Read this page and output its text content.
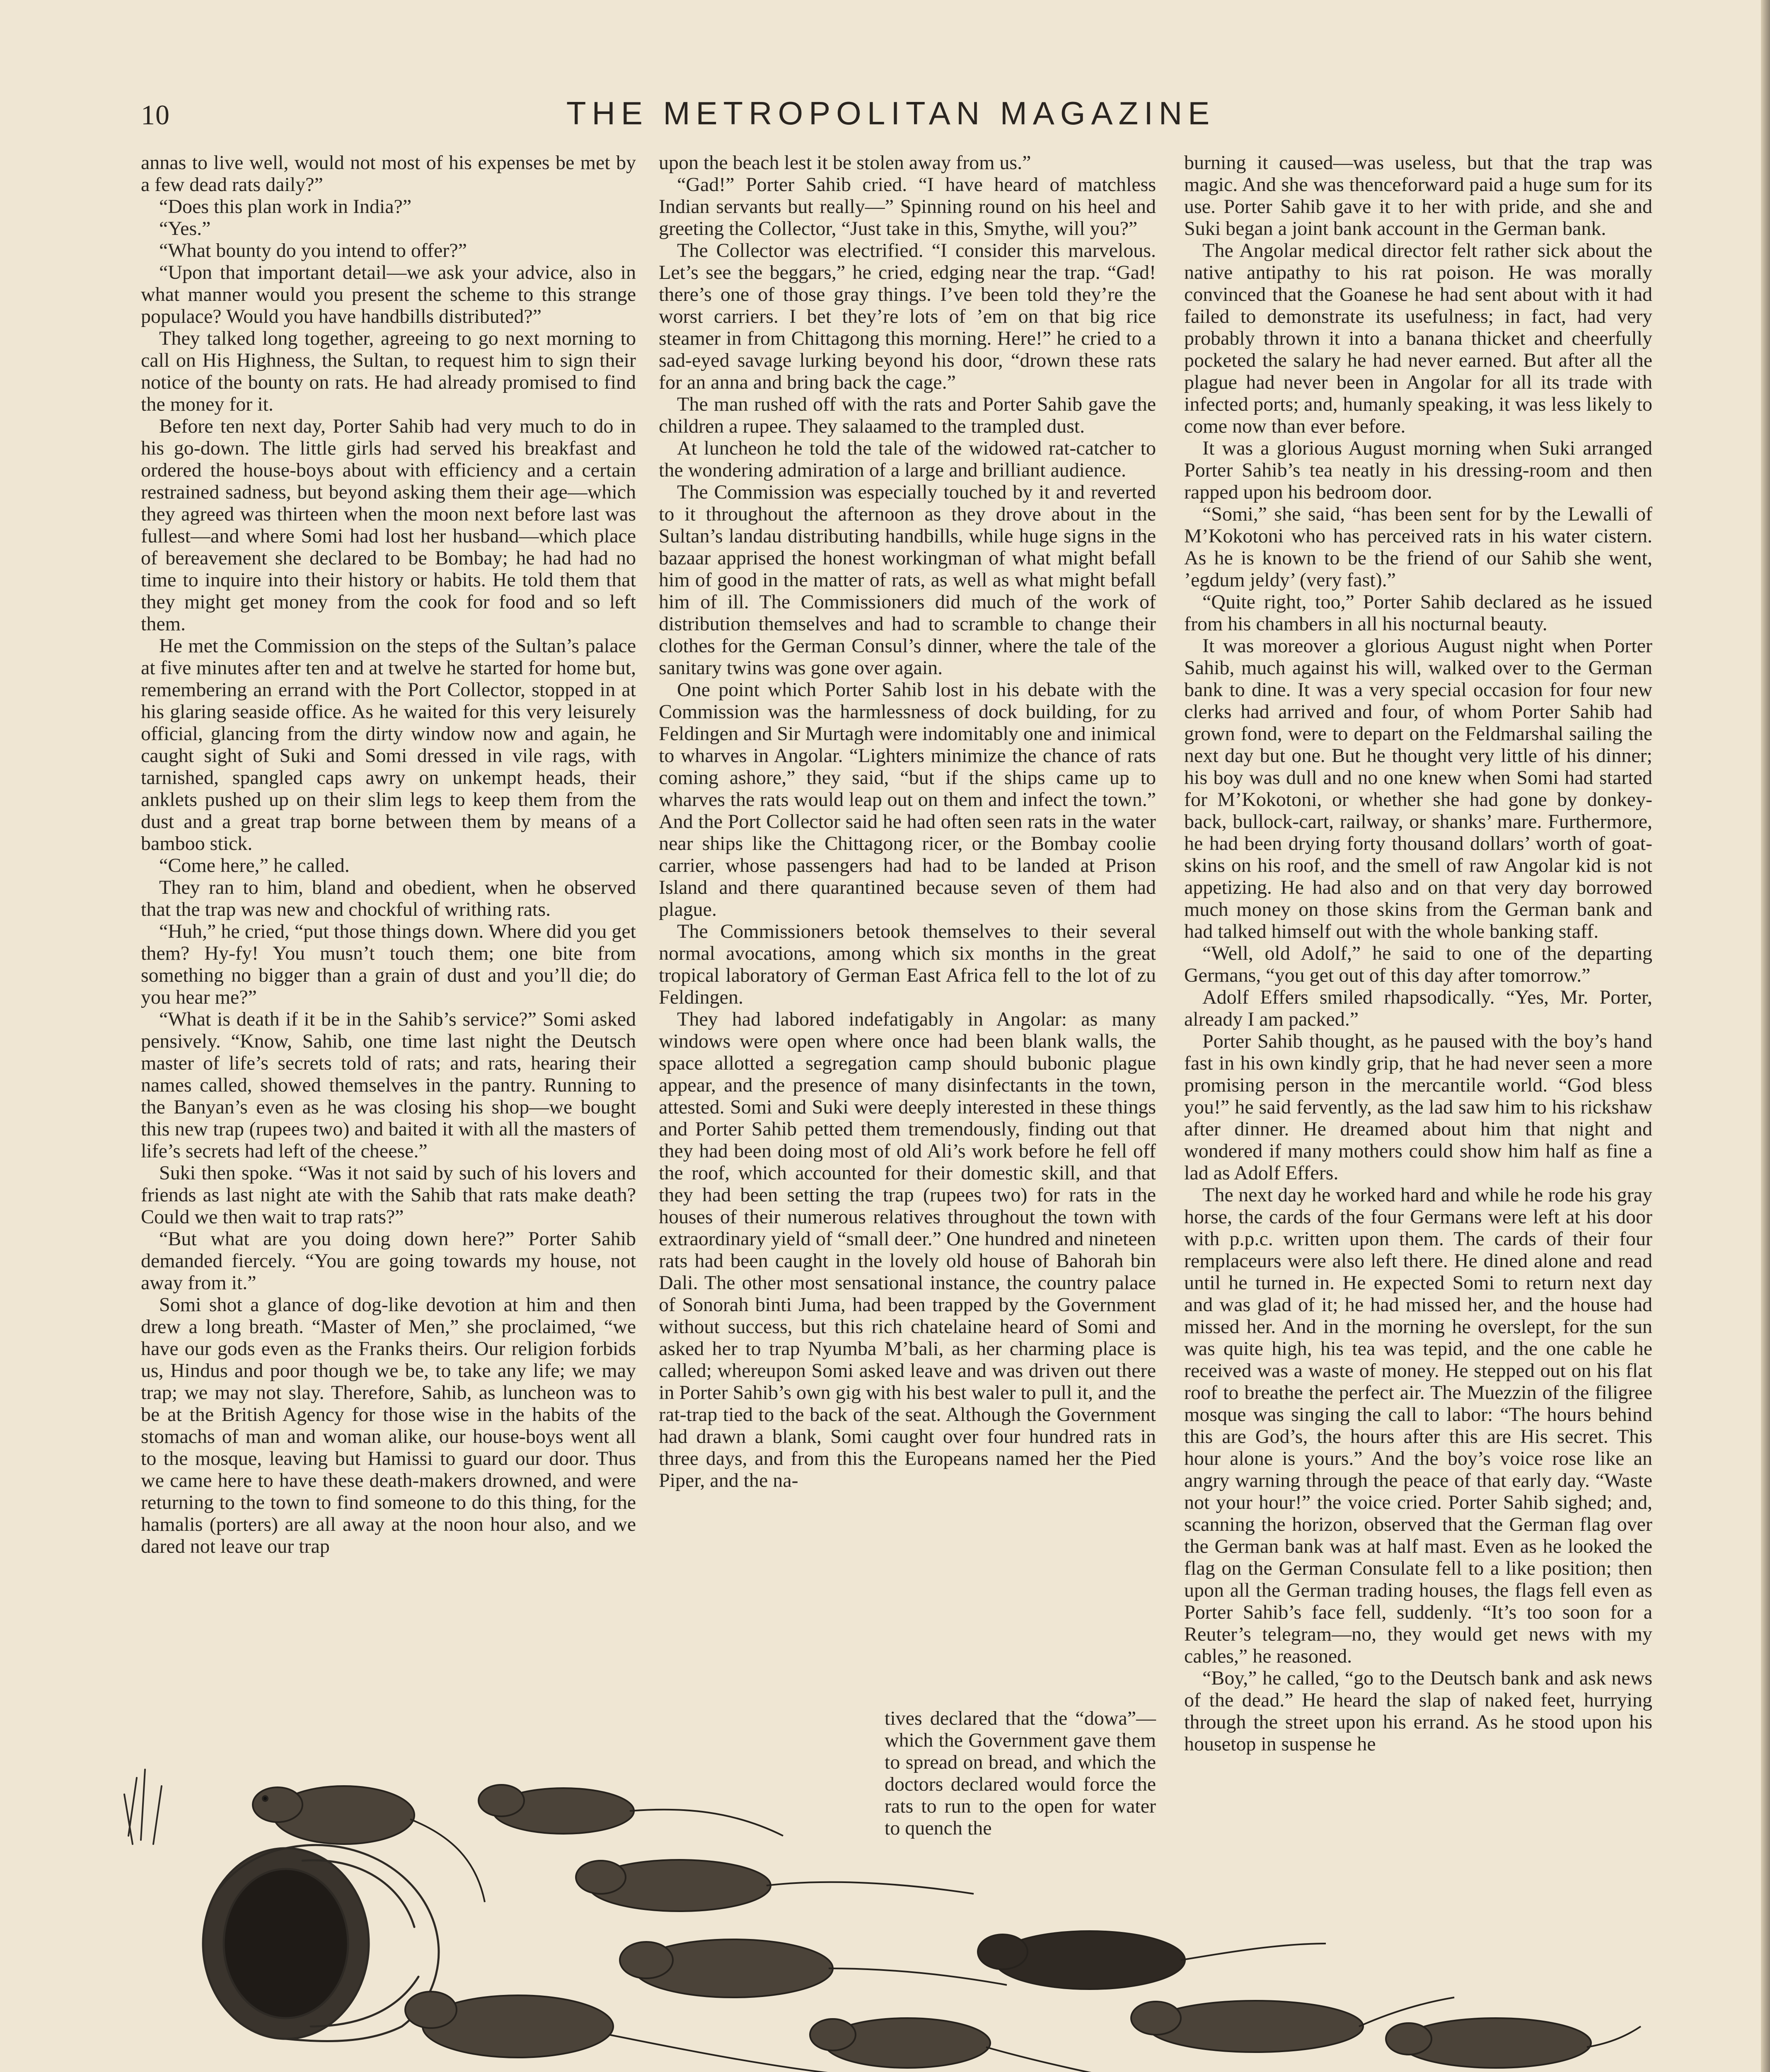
10	THE METROPOLITAN MAGAZINE

annas to live well, would not most of his expenses be met by a few dead rats daily?”

“Does this plan work in India?”

“Yes.”

“What bounty do you intend to offer?”

“Upon that important detail—we ask your advice, also in what manner would you present the scheme to this strange populace? Would you have handbills distributed?”

They talked long together, agreeing to go next morning to call on His Highness, the Sultan, to request him to sign their notice of the bounty on rats. He had already promised to find the money for it.

Before ten next day, Porter Sahib had very much to do in his go-down. The little girls had served his breakfast and ordered the house-boys about with efficiency and a certain restrained sadness, but beyond asking them their age—which they agreed was thirteen when the moon next before last was fullest—and where Somi had lost her husband—which place of bereavement she declared to be Bombay; he had had no time to inquire into their history or habits. He told them that they might get money from the cook for food and so left them.

He met the Commission on the steps of the Sultan’s palace at five minutes after ten and at twelve he started for home but, remembering an errand with the Port Collector, stopped in at his glaring seaside office. As he waited for this very leisurely official, glancing from the dirty window now and again, he caught sight of Suki and Somi dressed in vile rags, with tarnished, spangled caps awry on unkempt heads, their anklets pushed up on their slim legs to keep them from the dust and a great trap borne between them by means of a bamboo stick.

“Come here,” he called.

They ran to him, bland and obedient, when he observed that the trap was new and chockful of writhing rats.

“Huh,” he cried, “put those things down. Where did you get them? Hy-fy! You musn’t touch them; one bite from something no bigger than a grain of dust and you’ll die; do you hear me?”

“What is death if it be in the Sahib’s service?” Somi asked pensively. “Know, Sahib, one time last night the Deutsch master of life’s secrets told of rats; and rats, hearing their names called, showed themselves in the pantry. Running to the Banyan’s even as he was closing his shop—we bought this new trap (rupees two) and baited it with all the masters of life’s secrets had left of the cheese.”

Suki then spoke. “Was it not said by such of his lovers and friends as last night ate with the Sahib that rats make death? Could we then wait to trap rats?”

“But what are you doing down here?” Porter Sahib demanded fiercely. “You are going towards my house, not away from it.”

Somi shot a glance of dog-like devotion at him and then drew a long breath. “Master of Men,” she proclaimed, “we have our gods even as the Franks theirs. Our religion forbids us, Hindus and poor though we be, to take any life; we may trap; we may not slay. Therefore, Sahib, as luncheon was to be at the British Agency for those wise in the habits of the stomachs of man and woman alike, our house-boys went all to the mosque, leaving but Hamissi to guard our door. Thus we came here to have these death-makers drowned, and were returning to the town to find someone to do this thing, for the hamalis (porters) are all away at the noon hour also, and we dared not leave our trap

upon the beach lest it be stolen away from us.”

“Gad!” Porter Sahib cried. “I have heard of matchless Indian servants but really—” Spinning round on his heel and greeting the Collector, “Just take in this, Smythe, will you?”

The Collector was electrified. “I consider this marvelous. Let’s see the beggars,” he cried, edging near the trap. “Gad! there’s one of those gray things. I’ve been told they’re the worst carriers. I bet they’re lots of ’em on that big rice steamer in from Chittagong this morning. Here!” he cried to a sad-eyed savage lurking beyond his door, “drown these rats for an anna and bring back the cage.”

The man rushed off with the rats and Porter Sahib gave the children a rupee. They salaamed to the trampled dust.

At luncheon he told the tale of the widowed rat-catcher to the wondering admiration of a large and brilliant audience.

The Commission was especially touched by it and reverted to it throughout the afternoon as they drove about in the Sultan’s landau distributing handbills, while huge signs in the bazaar apprised the honest workingman of what might befall him of good in the matter of rats, as well as what might befall him of ill. The Commissioners did much of the work of distribution themselves and had to scramble to change their clothes for the German Consul’s dinner, where the tale of the sanitary twins was gone over again.

One point which Porter Sahib lost in his debate with the Commission was the harmlessness of dock building, for zu Feldingen and Sir Murtagh were indomitably one and inimical to wharves in Angolar. “Lighters minimize the chance of rats coming ashore,” they said, “but if the ships came up to wharves the rats would leap out on them and infect the town.” And the Port Collector said he had often seen rats in the water near ships like the Chittagong ricer, or the Bombay coolie carrier, whose passengers had had to be landed at Prison Island and there quarantined because seven of them had plague.

The Commissioners betook themselves to their several normal avocations, among which six months in the great tropical laboratory of German East Africa fell to the lot of zu Feldingen.

They had labored indefatigably in Angolar: as many windows were open where once had been blank walls, the space allotted a segregation camp should bubonic plague appear, and the presence of many disinfectants in the town, attested. Somi and Suki were deeply interested in these things and Porter Sahib petted them tremendously, finding out that they had been doing most of old Ali’s work before he fell off the roof, which accounted for their domestic skill, and that they had been setting the trap (rupees two) for rats in the houses of their numerous relatives throughout the town with extraordinary yield of “small deer.” One hundred and nineteen rats had been caught in the lovely old house of Bahorah bin Dali. The other most sensational instance, the country palace of Sonorah binti Juma, had been trapped by the Government without success, but this rich chatelaine heard of Somi and asked her to trap Nyumba M’bali, as her charming place is called; whereupon Somi asked leave and was driven out there in Porter Sahib’s own gig with his best waler to pull it, and the rat-trap tied to the back of the seat. Although the Government had drawn a blank, Somi caught over four hundred rats in three days, and from this the Europeans named her the Pied Piper, and the na-

tives declared that the “dowa”—which the Government gave them to spread on bread, and which the doctors declared would force the rats to run to the open for water to quench the

burning it caused—was useless, but that the trap was magic. And she was thenceforward paid a huge sum for its use. Porter Sahib gave it to her with pride, and she and Suki began a joint bank account in the German bank.

The Angolar medical director felt rather sick about the native antipathy to his rat poison. He was morally convinced that the Goanese he had sent about with it had failed to demonstrate its usefulness; in fact, had very probably thrown it into a banana thicket and cheerfully pocketed the salary he had never earned. But after all the plague had never been in Angolar for all its trade with infected ports; and, humanly speaking, it was less likely to come now than ever before.

It was a glorious August morning when Suki arranged Porter Sahib’s tea neatly in his dressing-room and then rapped upon his bedroom door.

“Somi,” she said, “has been sent for by the Lewalli of M’Kokotoni who has perceived rats in his water cistern. As he is known to be the friend of our Sahib she went, ’egdum jeldy’ (very fast).”

“Quite right, too,” Porter Sahib declared as he issued from his chambers in all his nocturnal beauty.

It was moreover a glorious August night when Porter Sahib, much against his will, walked over to the German bank to dine. It was a very special occasion for four new clerks had arrived and four, of whom Porter Sahib had grown fond, were to depart on the Feldmarshal sailing the next day but one. But he thought very little of his dinner; his boy was dull and no one knew when Somi had started for M’Kokotoni, or whether she had gone by donkey-back, bullock-cart, railway, or shanks’ mare. Furthermore, he had been drying forty thousand dollars’ worth of goat-skins on his roof, and the smell of raw Angolar kid is not appetizing. He had also and on that very day borrowed much money on those skins from the German bank and had talked himself out with the whole banking staff.

“Well, old Adolf,” he said to one of the departing Germans, “you get out of this day after tomorrow.”

Adolf Effers smiled rhapsodically. “Yes, Mr. Porter, already I am packed.”

Porter Sahib thought, as he paused with the boy’s hand fast in his own kindly grip, that he had never seen a more promising person in the mercantile world. “God bless you!” he said fervently, as the lad saw him to his rickshaw after dinner. He dreamed about him that night and wondered if many mothers could show him half as fine a lad as Adolf Effers.

The next day he worked hard and while he rode his gray horse, the cards of the four Germans were left at his door with p.p.c. written upon them. The cards of their four remplaceurs were also left there. He dined alone and read until he turned in. He expected Somi to return next day and was glad of it; he had missed her, and the house had missed her. And in the morning he overslept, for the sun was quite high, his tea was tepid, and the one cable he received was a waste of money. He stepped out on his flat roof to breathe the perfect air. The Muezzin of the filigree mosque was singing the call to labor: “The hours behind this are God’s, the hours after this are His secret. This hour alone is yours.” And the boy’s voice rose like an angry warning through the peace of that early day. “Waste not your hour!” the voice cried. Porter Sahib sighed; and, scanning the horizon, observed that the German flag over the German bank was at half mast. Even as he looked the flag on the German Consulate fell to a like position; then upon all the German trading houses, the flags fell even as Porter Sahib’s face fell, suddenly. “It’s too soon for a Reuter’s telegram—no, they would get news with my cables,” he reasoned.

“Boy,” he called, “go to the Deutsch bank and ask news of the dead.” He heard the slap of naked feet, hurrying through the street upon his errand. As he stood upon his housetop in suspense he
